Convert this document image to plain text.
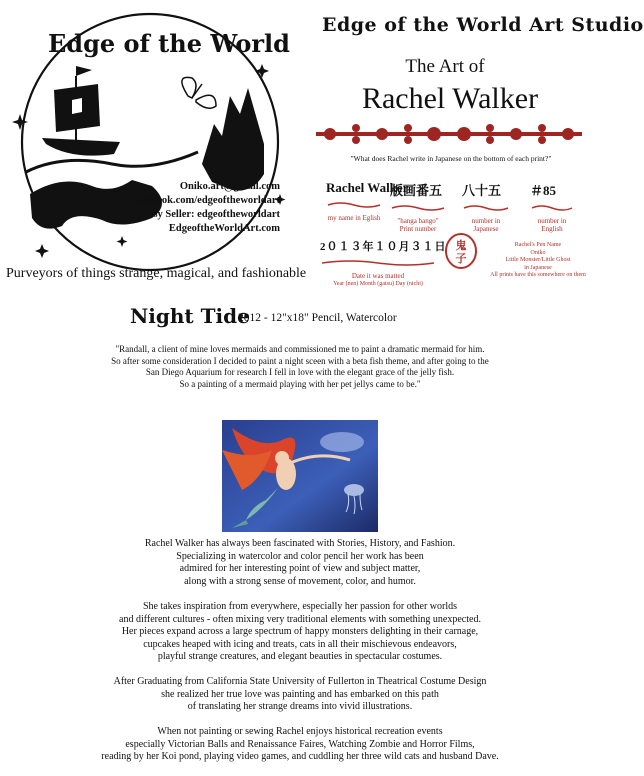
Edge of the World
Oniko.art@gmail.com
Facebook.com/edgeoftheworldart
Etsy Seller: edgeoftheworldart
EdgeoftheWorldArt.com
Purveyors of things strange, magical, and fashionable
Edge of the World Art Studio
The Art of
Rachel Walker
"What does Rachel write in Japanese on the bottom of each print?"
Rachel Walker
my name in Eglish
版画番五
"hanga bango" Print number
八十五
number in Japanese
＃85
number in English
2０１３年１０月３１日
Date it was matted
Year (nen) Month (gatsu) Day (nichi)
鬼
子
Rachel's Pen Name
Oniko
Little Monster/Little Ghost
in Japanese
All prints have this somewhere on them
Night Tide
2012 - 12"x18" Pencil, Watercolor
"Randall, a client of mine loves mermaids and commissioned me to paint a dramatic mermaid for him.
So after some consideration I decided to paint a night sceen with a beta fish theme, and after going to the
San Diego Aquarium for research I fell in love with the elegant grace of the jelly fish.
So a painting of a mermaid playing with her pet jellys came to be."
Rachel Walker has always been fascinated with Stories, History, and Fashion.
Specializing in watercolor and color pencil her work has been
admired for her interesting point of view and subject matter,
along with a strong sense of movement, color, and humor.
She takes inspiration from everywhere, especially her passion for other worlds
and different cultures - often mixing very traditional elements with something unexpected.
Her pieces expand across a large spectrum of happy monsters delighting in their carnage,
cupcakes heaped with icing and treats, cats in all their mischievous endeavors,
playful strange creatures, and elegant beauties in spectacular costumes.
After Graduating from California State University of Fullerton in Theatrical Costume Design
she realized her true love was painting and has embarked on this path
of translating her strange dreams into vivid illustrations.
When not painting or sewing Rachel enjoys historical recreation events
especially Victorian Balls and Renaissance Faires, Watching Zombie and Horror Films,
reading by her Koi pond, playing video games, and cuddling her three wild cats and husband Dave.
